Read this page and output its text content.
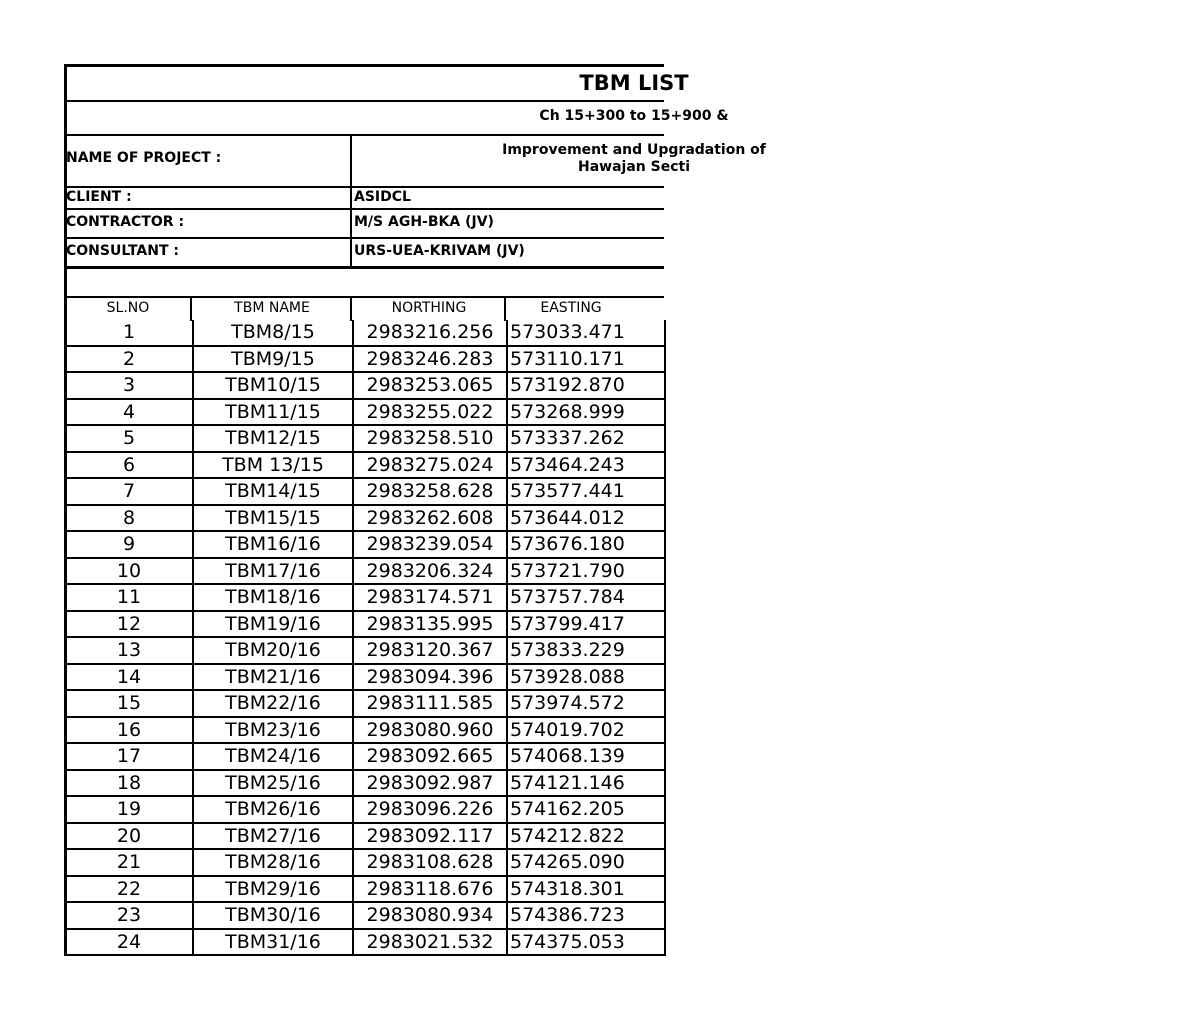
TBM LIST
Ch 15+300 to 15+900 &
NAME OF PROJECT :	Improvement and Upgradation of
Hawajan Secti
CLIENT :	ASIDCL
CONTRACTOR :	M/S AGH-BKA (JV)
CONSULTANT :	URS-UEA-KRIVAM (JV)
SL.NO	TBM NAME	NORTHING	EASTING
1	TBM8/15	2983216.256	573033.471
2	TBM9/15	2983246.283	573110.171
3	TBM10/15	2983253.065	573192.870
4	TBM11/15	2983255.022	573268.999
5	TBM12/15	2983258.510	573337.262
6	TBM 13/15	2983275.024	573464.243
7	TBM14/15	2983258.628	573577.441
8	TBM15/15	2983262.608	573644.012
9	TBM16/16	2983239.054	573676.180
10	TBM17/16	2983206.324	573721.790
11	TBM18/16	2983174.571	573757.784
12	TBM19/16	2983135.995	573799.417
13	TBM20/16	2983120.367	573833.229
14	TBM21/16	2983094.396	573928.088
15	TBM22/16	2983111.585	573974.572
16	TBM23/16	2983080.960	574019.702
17	TBM24/16	2983092.665	574068.139
18	TBM25/16	2983092.987	574121.146
19	TBM26/16	2983096.226	574162.205
20	TBM27/16	2983092.117	574212.822
21	TBM28/16	2983108.628	574265.090
22	TBM29/16	2983118.676	574318.301
23	TBM30/16	2983080.934	574386.723
24	TBM31/16	2983021.532	574375.053
